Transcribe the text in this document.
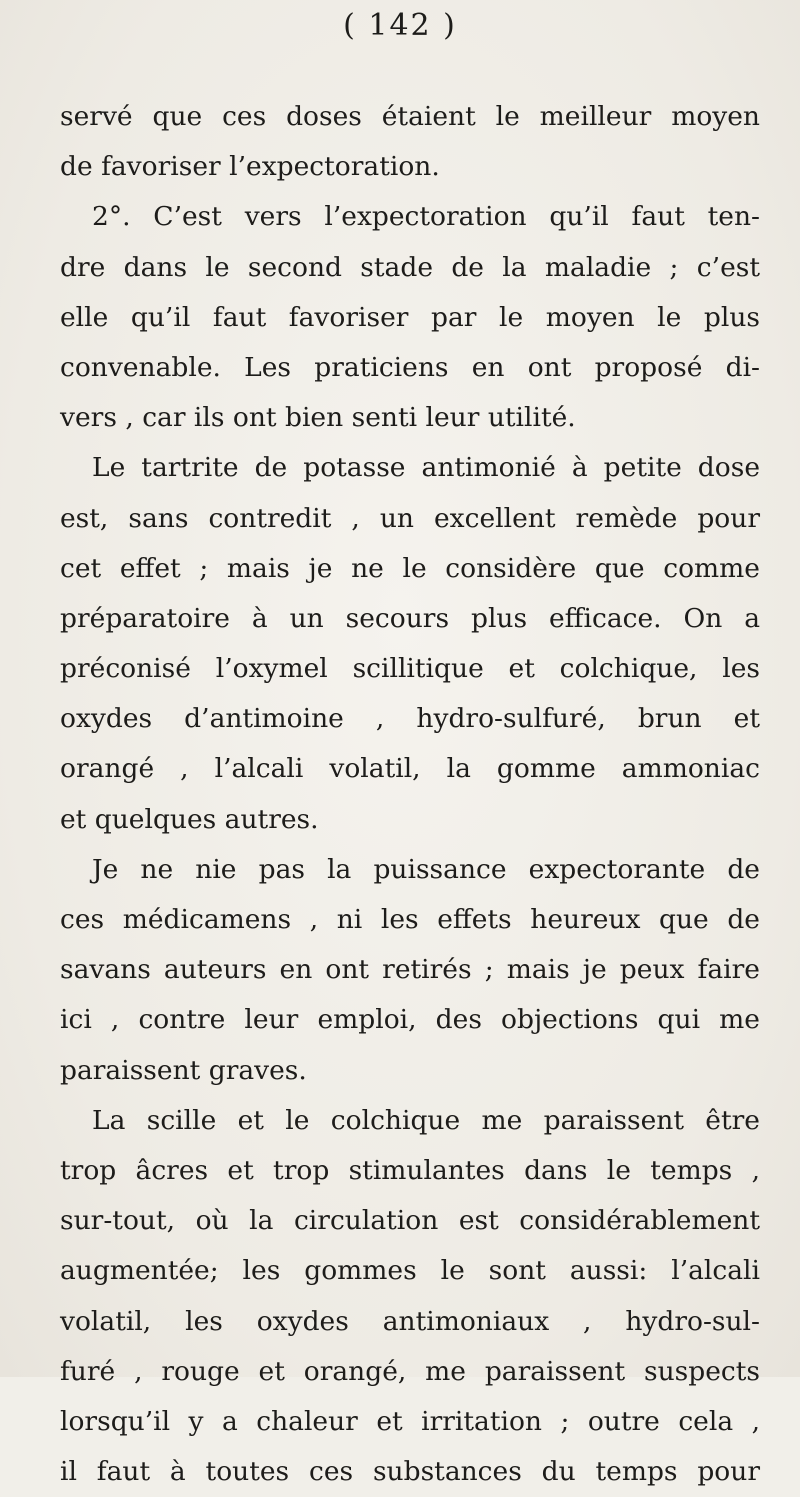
( 142 )
servé que ces doses étaient le meilleur moyen
de favoriser l’expectoration.
2°. C’est vers l’expectoration qu’il faut ten-
dre dans le second stade de la maladie ; c’est
elle qu’il faut favoriser par le moyen le plus
convenable. Les praticiens en ont proposé di-
vers , car ils ont bien senti leur utilité.
Le tartrite de potasse antimonié à petite dose
est, sans contredit , un excellent remède pour
cet effet ; mais je ne le considère que comme
préparatoire à un secours plus efficace. On a
préconisé l’oxymel scillitique et colchique, les
oxydes d’antimoine , hydro-sulfuré, brun et
orangé , l’alcali volatil, la gomme ammoniac
et quelques autres.
Je ne nie pas la puissance expectorante de
ces médicamens , ni les effets heureux que de
savans auteurs en ont retirés ; mais je peux faire
ici , contre leur emploi, des objections qui me
paraissent graves.
La scille et le colchique me paraissent être
trop âcres et trop stimulantes dans le temps ,
sur-tout, où la circulation est considérablement
augmentée; les gommes le sont aussi: l’alcali
volatil, les oxydes antimoniaux , hydro-sul-
furé , rouge et orangé, me paraissent suspects
lorsqu’il y a chaleur et irritation ; outre cela ,
il faut à toutes ces substances du temps pour
